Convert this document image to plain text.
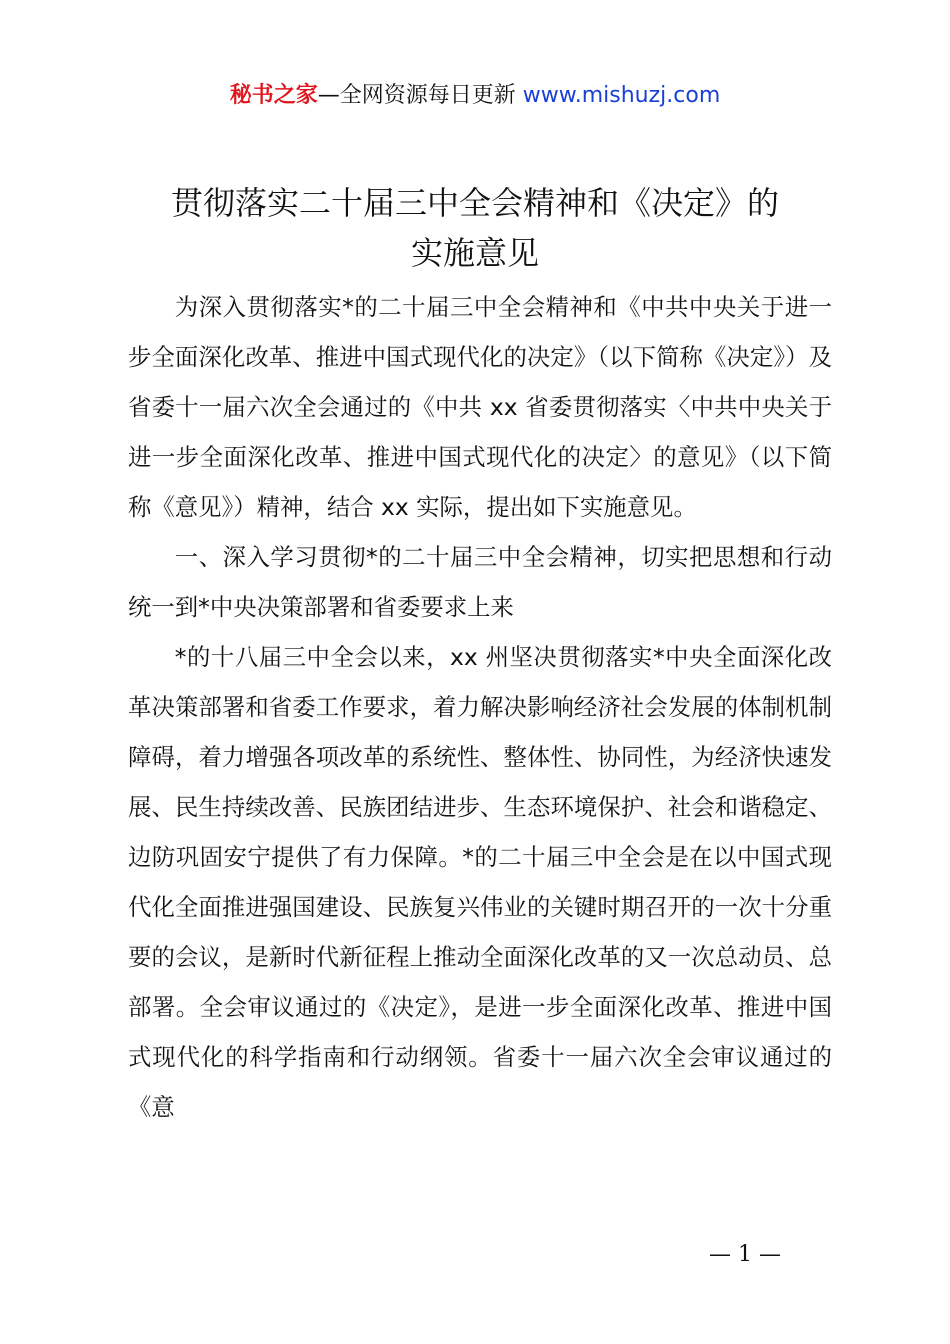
秘书之家—全网资源每日更新 www.mishuzj.com
贯彻落实二十届三中全会精神和《决定》的
实施意见

为深入贯彻落实*的二十届三中全会精神和《中共中央关于进一步全面深化改革、推进中国式现代化的决定》（以下简称《决定》）及省委十一届六次全会通过的《中共 xx 省委贯彻落实〈中共中央关于进一步全面深化改革、推进中国式现代化的决定〉的意见》（以下简称《意见》）精神，结合 xx 实际，提出如下实施意见。

一、深入学习贯彻*的二十届三中全会精神，切实把思想和行动统一到*中央决策部署和省委要求上来

*的十八届三中全会以来，xx 州坚决贯彻落实*中央全面深化改革决策部署和省委工作要求，着力解决影响经济社会发展的体制机制障碍，着力增强各项改革的系统性、整体性、协同性，为经济快速发展、民生持续改善、民族团结进步、生态环境保护、社会和谐稳定、边防巩固安宁提供了有力保障。*的二十届三中全会是在以中国式现代化全面推进强国建设、民族复兴伟业的关键时期召开的一次十分重要的会议，是新时代新征程上推动全面深化改革的又一次总动员、总部署。全会审议通过的《决定》，是进一步全面深化改革、推进中国式现代化的科学指南和行动纲领。省委十一届六次全会审议通过的《意

— 1 —
